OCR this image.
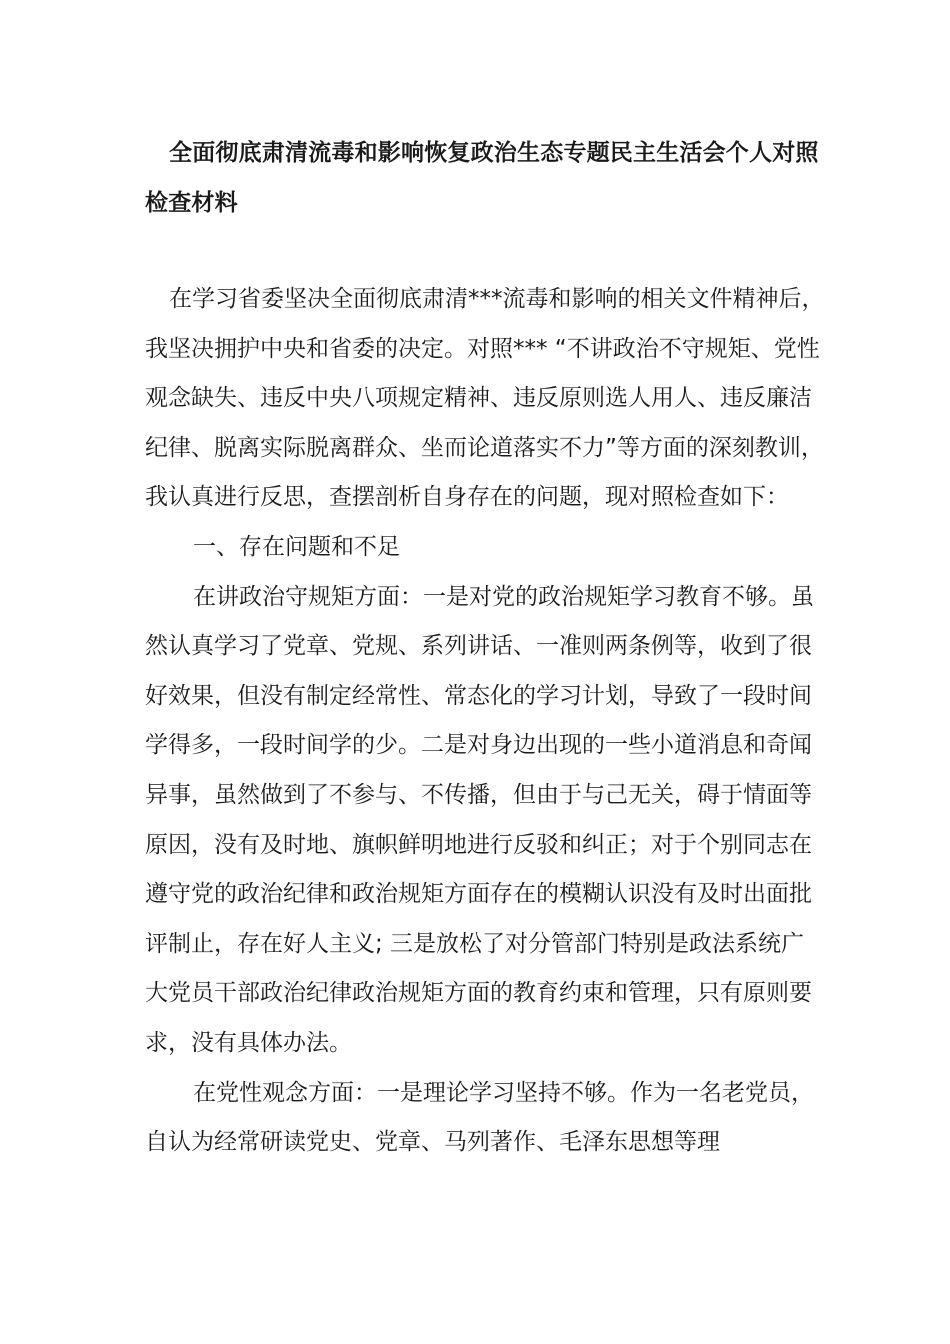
全面彻底肃清流毒和影响恢复政治生态专题民主生活会个人对照检查材料

在学习省委坚决全面彻底肃清***流毒和影响的相关文件精神后，我坚决拥护中央和省委的决定。对照*** “不讲政治不守规矩、党性观念缺失、违反中央八项规定精神、违反原则选人用人、违反廉洁纪律、脱离实际脱离群众、坐而论道落实不力”等方面的深刻教训，我认真进行反思，查摆剖析自身存在的问题，现对照检查如下：

一、存在问题和不足

在讲政治守规矩方面：一是对党的政治规矩学习教育不够。虽然认真学习了党章、党规、系列讲话、一准则两条例等，收到了很好效果，但没有制定经常性、常态化的学习计划，导致了一段时间学得多，一段时间学的少。二是对身边出现的一些小道消息和奇闻异事，虽然做到了不参与、不传播，但由于与己无关，碍于情面等原因，没有及时地、旗帜鲜明地进行反驳和纠正；对于个别同志在遵守党的政治纪律和政治规矩方面存在的模糊认识没有及时出面批评制止，存在好人主义; 三是放松了对分管部门特别是政法系统广大党员干部政治纪律政治规矩方面的教育约束和管理，只有原则要求，没有具体办法。

在党性观念方面：一是理论学习坚持不够。作为一名老党员，自认为经常研读党史、党章、马列著作、毛泽东思想等理
